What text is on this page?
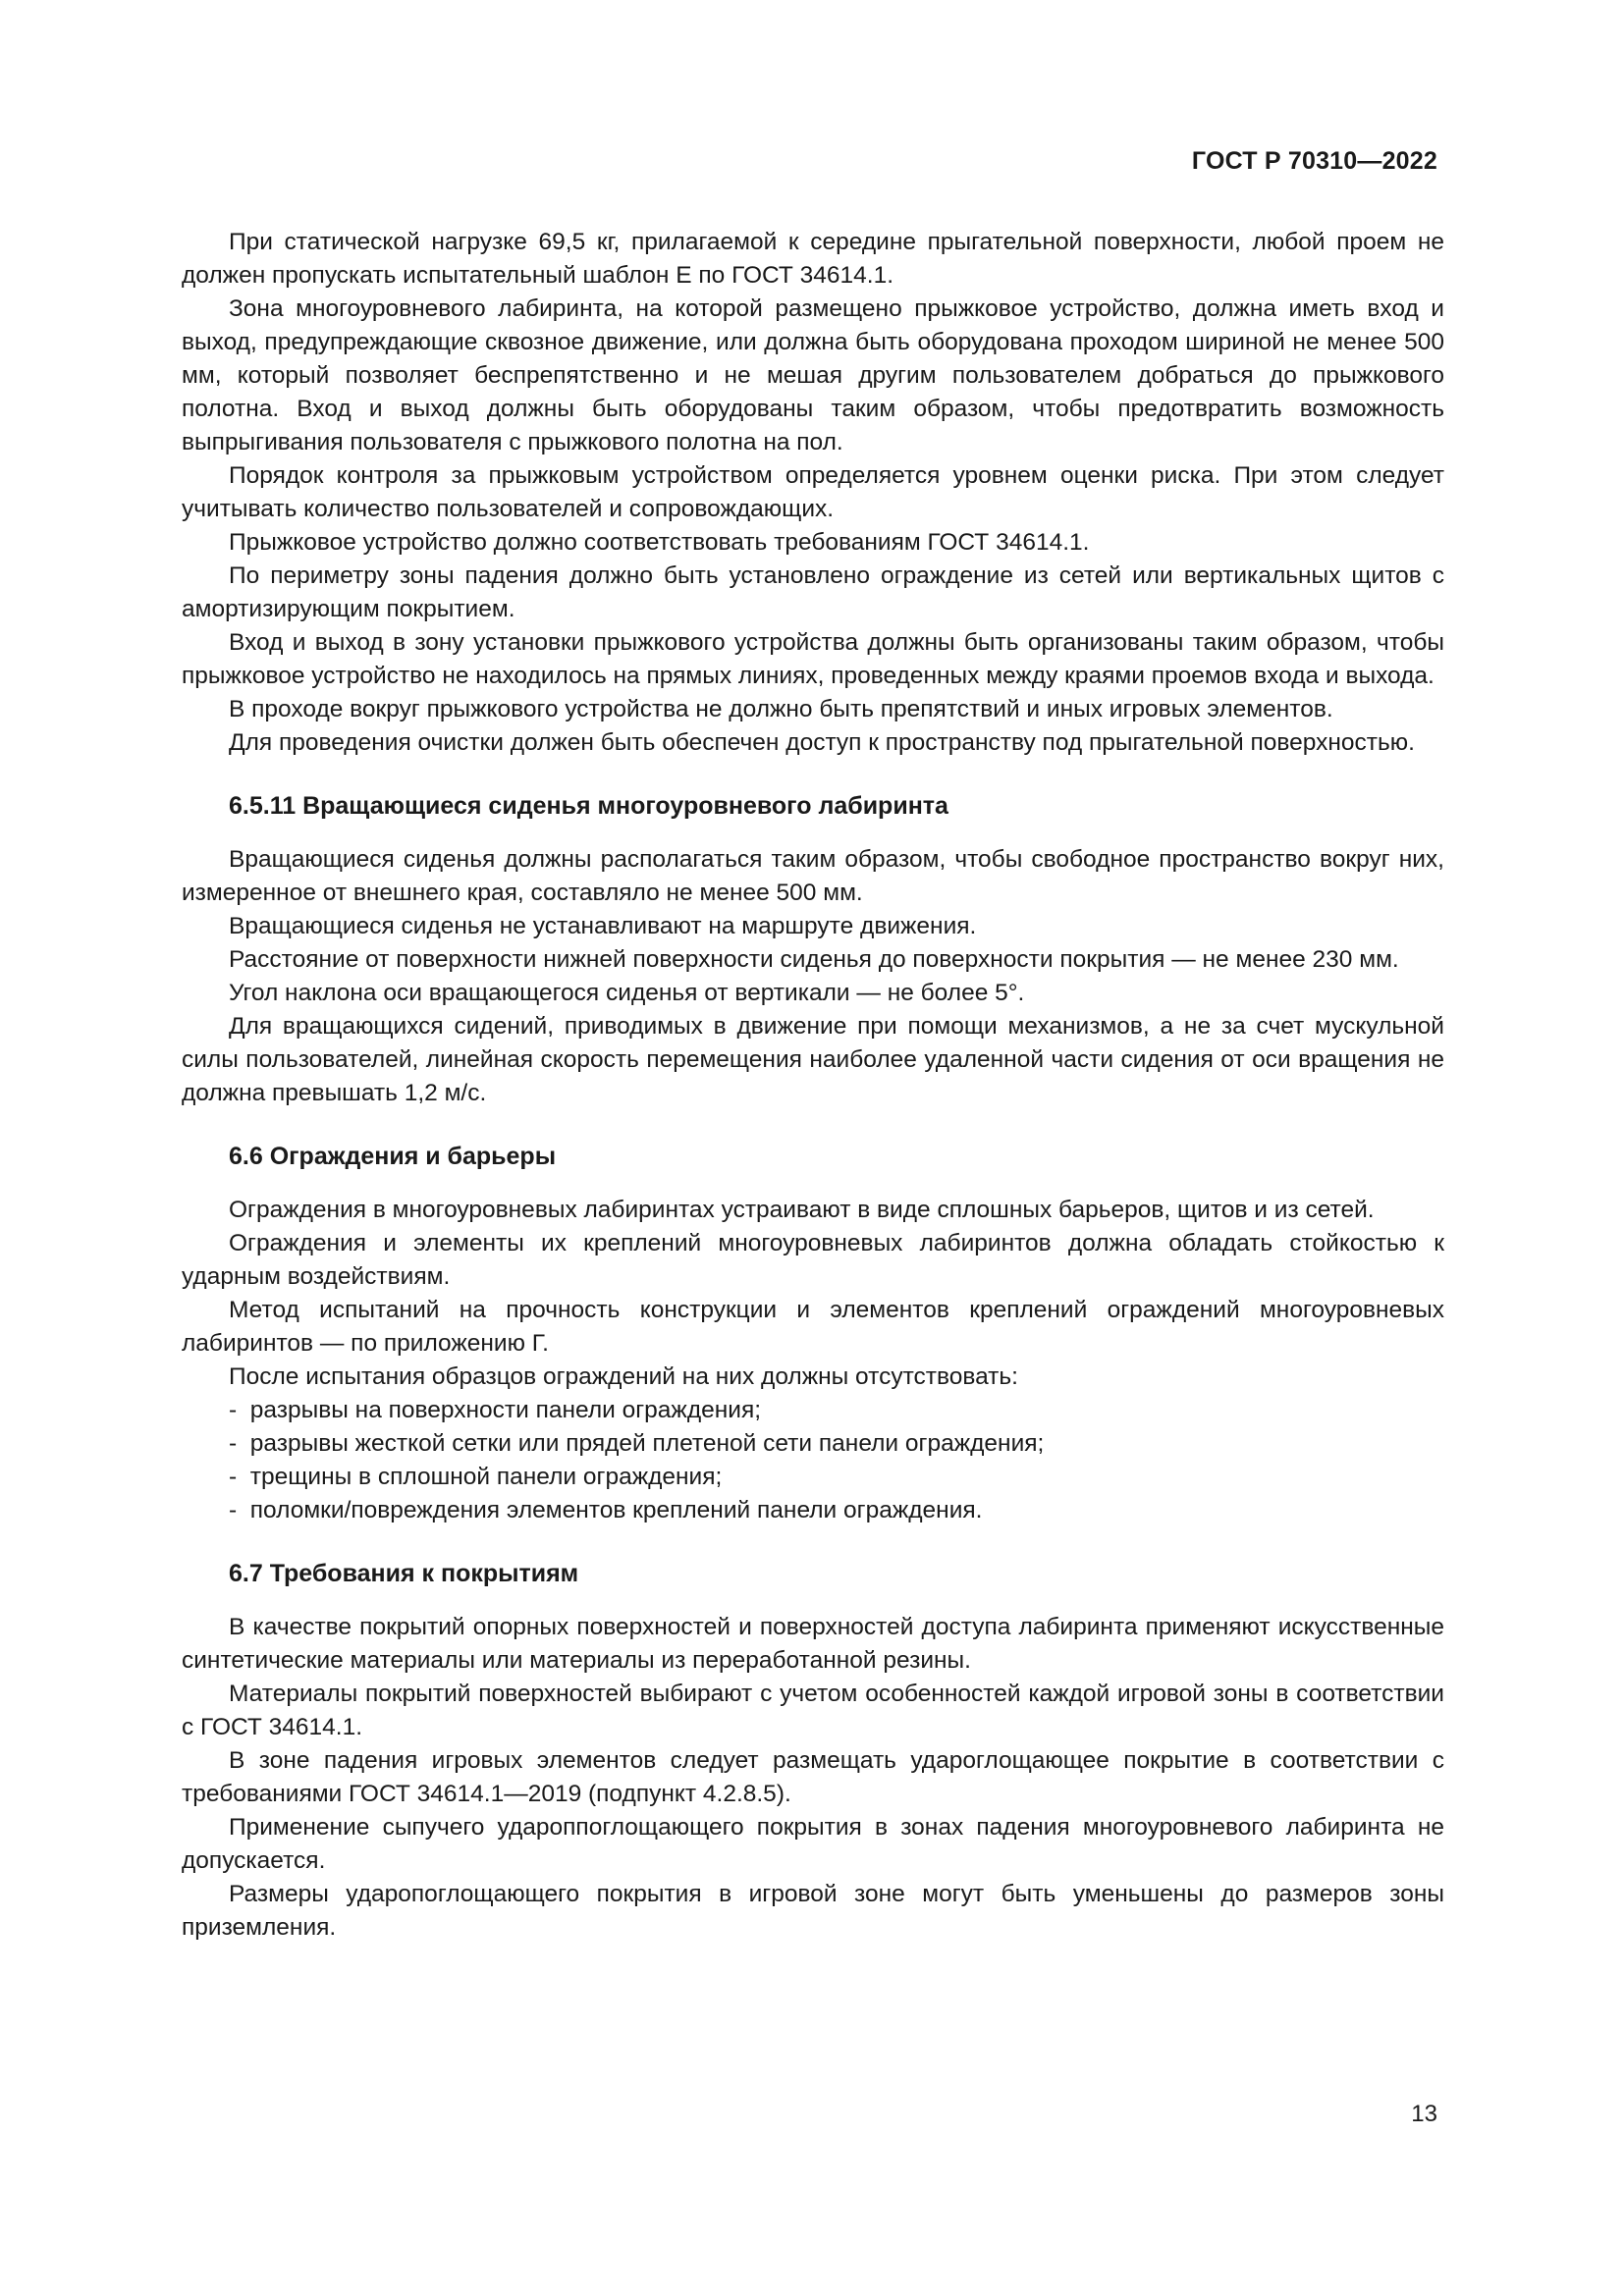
ГОСТ Р 70310—2022

При статической нагрузке 69,5 кг, прилагаемой к середине прыгательной поверхности, любой проем не должен пропускать испытательный шаблон Е по ГОСТ 34614.1.

Зона многоуровневого лабиринта, на которой размещено прыжковое устройство, должна иметь вход и выход, предупреждающие сквозное движение, или должна быть оборудована проходом шириной не менее 500 мм, который позволяет беспрепятственно и не мешая другим пользователем добраться до прыжкового полотна. Вход и выход должны быть оборудованы таким образом, чтобы предотвратить возможность выпрыгивания пользователя с прыжкового полотна на пол.

Порядок контроля за прыжковым устройством определяется уровнем оценки риска. При этом следует учитывать количество пользователей и сопровождающих.

Прыжковое устройство должно соответствовать требованиям ГОСТ 34614.1.

По периметру зоны падения должно быть установлено ограждение из сетей или вертикальных щитов с амортизирующим покрытием.

Вход и выход в зону установки прыжкового устройства должны быть организованы таким образом, чтобы прыжковое устройство не находилось на прямых линиях, проведенных между краями проемов входа и выхода.

В проходе вокруг прыжкового устройства не должно быть препятствий и иных игровых элементов.

Для проведения очистки должен быть обеспечен доступ к пространству под прыгательной поверхностью.

6.5.11 Вращающиеся сиденья многоуровневого лабиринта

Вращающиеся сиденья должны располагаться таким образом, чтобы свободное пространство вокруг них, измеренное от внешнего края, составляло не менее 500 мм.

Вращающиеся сиденья не устанавливают на маршруте движения.

Расстояние от поверхности нижней поверхности сиденья до поверхности покрытия — не менее 230 мм.

Угол наклона оси вращающегося сиденья от вертикали — не более 5°.

Для вращающихся сидений, приводимых в движение при помощи механизмов, а не за счет мускульной силы пользователей, линейная скорость перемещения наиболее удаленной части сидения от оси вращения не должна превышать 1,2 м/с.

6.6 Ограждения и барьеры

Ограждения в многоуровневых лабиринтах устраивают в виде сплошных барьеров, щитов и из сетей.

Ограждения и элементы их креплений многоуровневых лабиринтов должна обладать стойкостью к ударным воздействиям.

Метод испытаний на прочность конструкции и элементов креплений ограждений многоуровневых лабиринтов — по приложению Г.

После испытания образцов ограждений на них должны отсутствовать:

- разрывы на поверхности панели ограждения;
- разрывы жесткой сетки или прядей плетеной сети панели ограждения;
- трещины в сплошной панели ограждения;
- поломки/повреждения элементов креплений панели ограждения.
6.7 Требования к покрытиям

В качестве покрытий опорных поверхностей и поверхностей доступа лабиринта применяют искусственные синтетические материалы или материалы из переработанной резины.

Материалы покрытий поверхностей выбирают с учетом особенностей каждой игровой зоны в соответствии с ГОСТ 34614.1.

В зоне падения игровых элементов следует размещать удароглощающее покрытие в соответствии с требованиями ГОСТ 34614.1—2019 (подпункт 4.2.8.5).

Применение сыпучего удароппоглощающего покрытия в зонах падения многоуровневого лабиринта не допускается.

Размеры ударопоглощающего покрытия в игровой зоне могут быть уменьшены до размеров зоны приземления.

13
